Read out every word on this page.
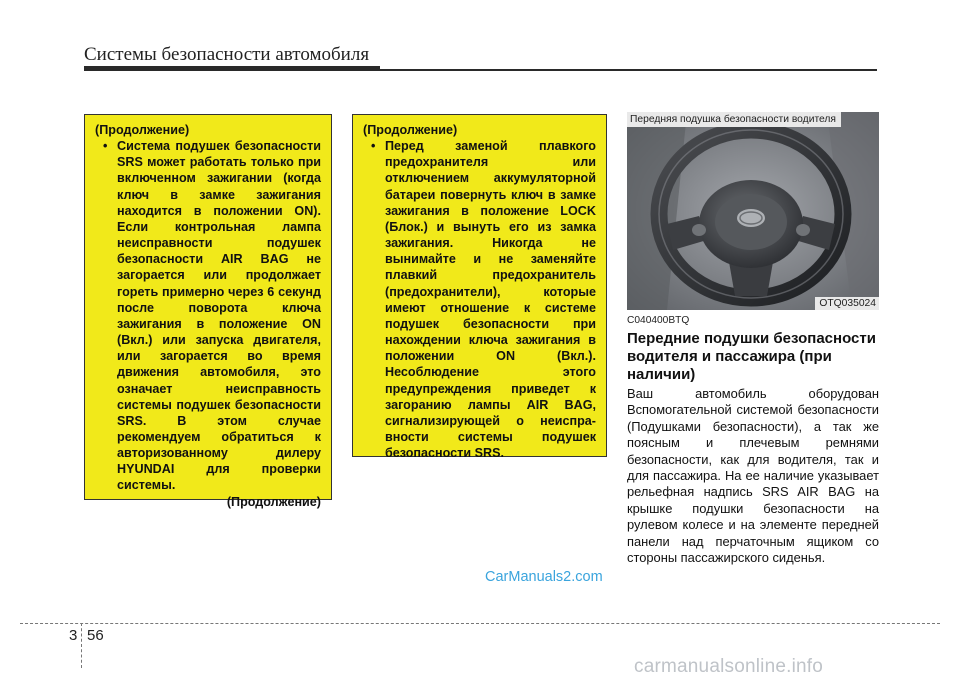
Системы безопасности автомобиля

(Продолжение)

• Система подушек безопасности SRS может работать только при включенном зажигании (когда ключ в замке зажигания находится в положении ON). Если контрольная лампа неисправности подушек безопасности AIR BAG не загорается или продолжает гореть примерно через 6 секунд после поворота ключа зажигания в положение ON (Вкл.) или запуска двигателя, или загорается во время движения автомобиля, это означает неисправность системы подушек безопасности SRS. В этом случае рекомендуем обратиться к авторизованному дилеру HYUNDAI для проверки системы.

(Продолжение)

(Продолжение)

• Перед заменой плавкого предохранителя или отключением аккумуляторной батареи повернуть ключ в замке зажигания в положение LOCK (Блок.) и вынуть его из замка зажигания. Никогда не вынимайте и не заменяйте плавкий предохранитель (предохранители), которые имеют отношение к системе подушек безопасности при нахождении ключа зажигания в положении ON (Вкл.). Несоблюдение этого предупреждения приведет к загоранию лампы AIR BAG, сигнализирующей о неиспра-вности системы подушек безопасности SRS.

Передняя подушка безопасности водителя
OTQ035024

C040400BTQ

Передние подушки безопасности водителя и пассажира (при наличии)

Ваш автомобиль оборудован Вспомогательной системой безопасности (Подушками безопасности), а так же поясным и плечевым ремнями безопасности, как для водителя, так и для пассажира. На ее наличие указывает рельефная надпись SRS AIR BAG на крышке подушки безопасности на рулевом колесе и на элементе передней панели над перчаточным ящиком со стороны пассажирского сиденья.

CarManuals2.com

3 56

carmanualsonline.info
